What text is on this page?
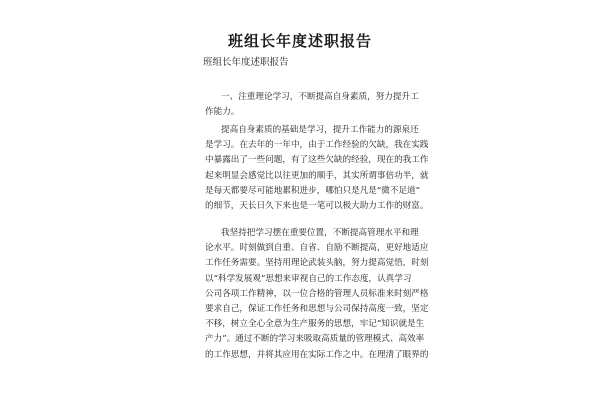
班组长年度述职报告
班组长年度述职报告
一、注重理论学习，不断提高自身素质，努力提升工
作能力。
提高自身素质的基础是学习，提升工作能力的源泉还
是学习。在去年的一年中，由于工作经验的欠缺，我在实践
中暴露出了一些问题，有了这些欠缺的经验，现在的我工作
起来明显会感觉比以往更加的顺手，其实所谓事倍功半，就
是每天都要尽可能地累积进步，哪怕只是凡是“微不足道”
的细节，天长日久下来也是一笔可以极大助力工作的财富。
我坚持把学习摆在重要位置，不断提高管理水平和理
论水平。时刻做到自重、自省、自励不断提高，更好地适应
工作任务需要。坚持用理论武装头脑，努力提高觉悟，时刻
以“科学发展观”思想来审视自己的工作态度，认真学习
公司各项工作精神，以一位合格的管理人员标准来时刻严格
要求自己，保证工作任务和思想与公司保持高度一致，坚定
不移，树立全心全意为生产服务的思想，牢记“知识就是生
产力”。通过不断的学习来吸取高质量的管理模式、高效率
的工作思想，并将其应用在实际工作之中。在理清了眼界的
